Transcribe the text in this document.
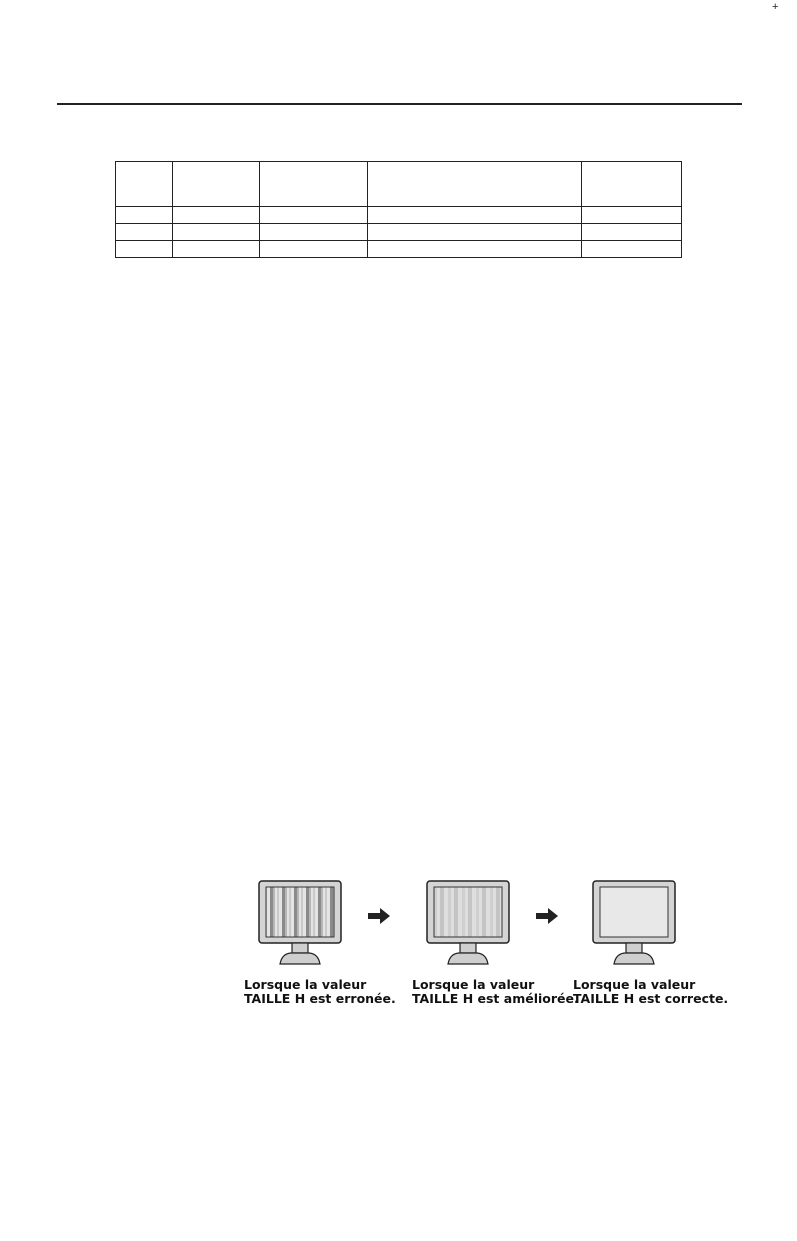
+

Lorsque la valeur
TAILLE H est erronée.
Lorsque la valeur
TAILLE H est améliorée.
Lorsque la valeur
TAILLE H est correcte.
